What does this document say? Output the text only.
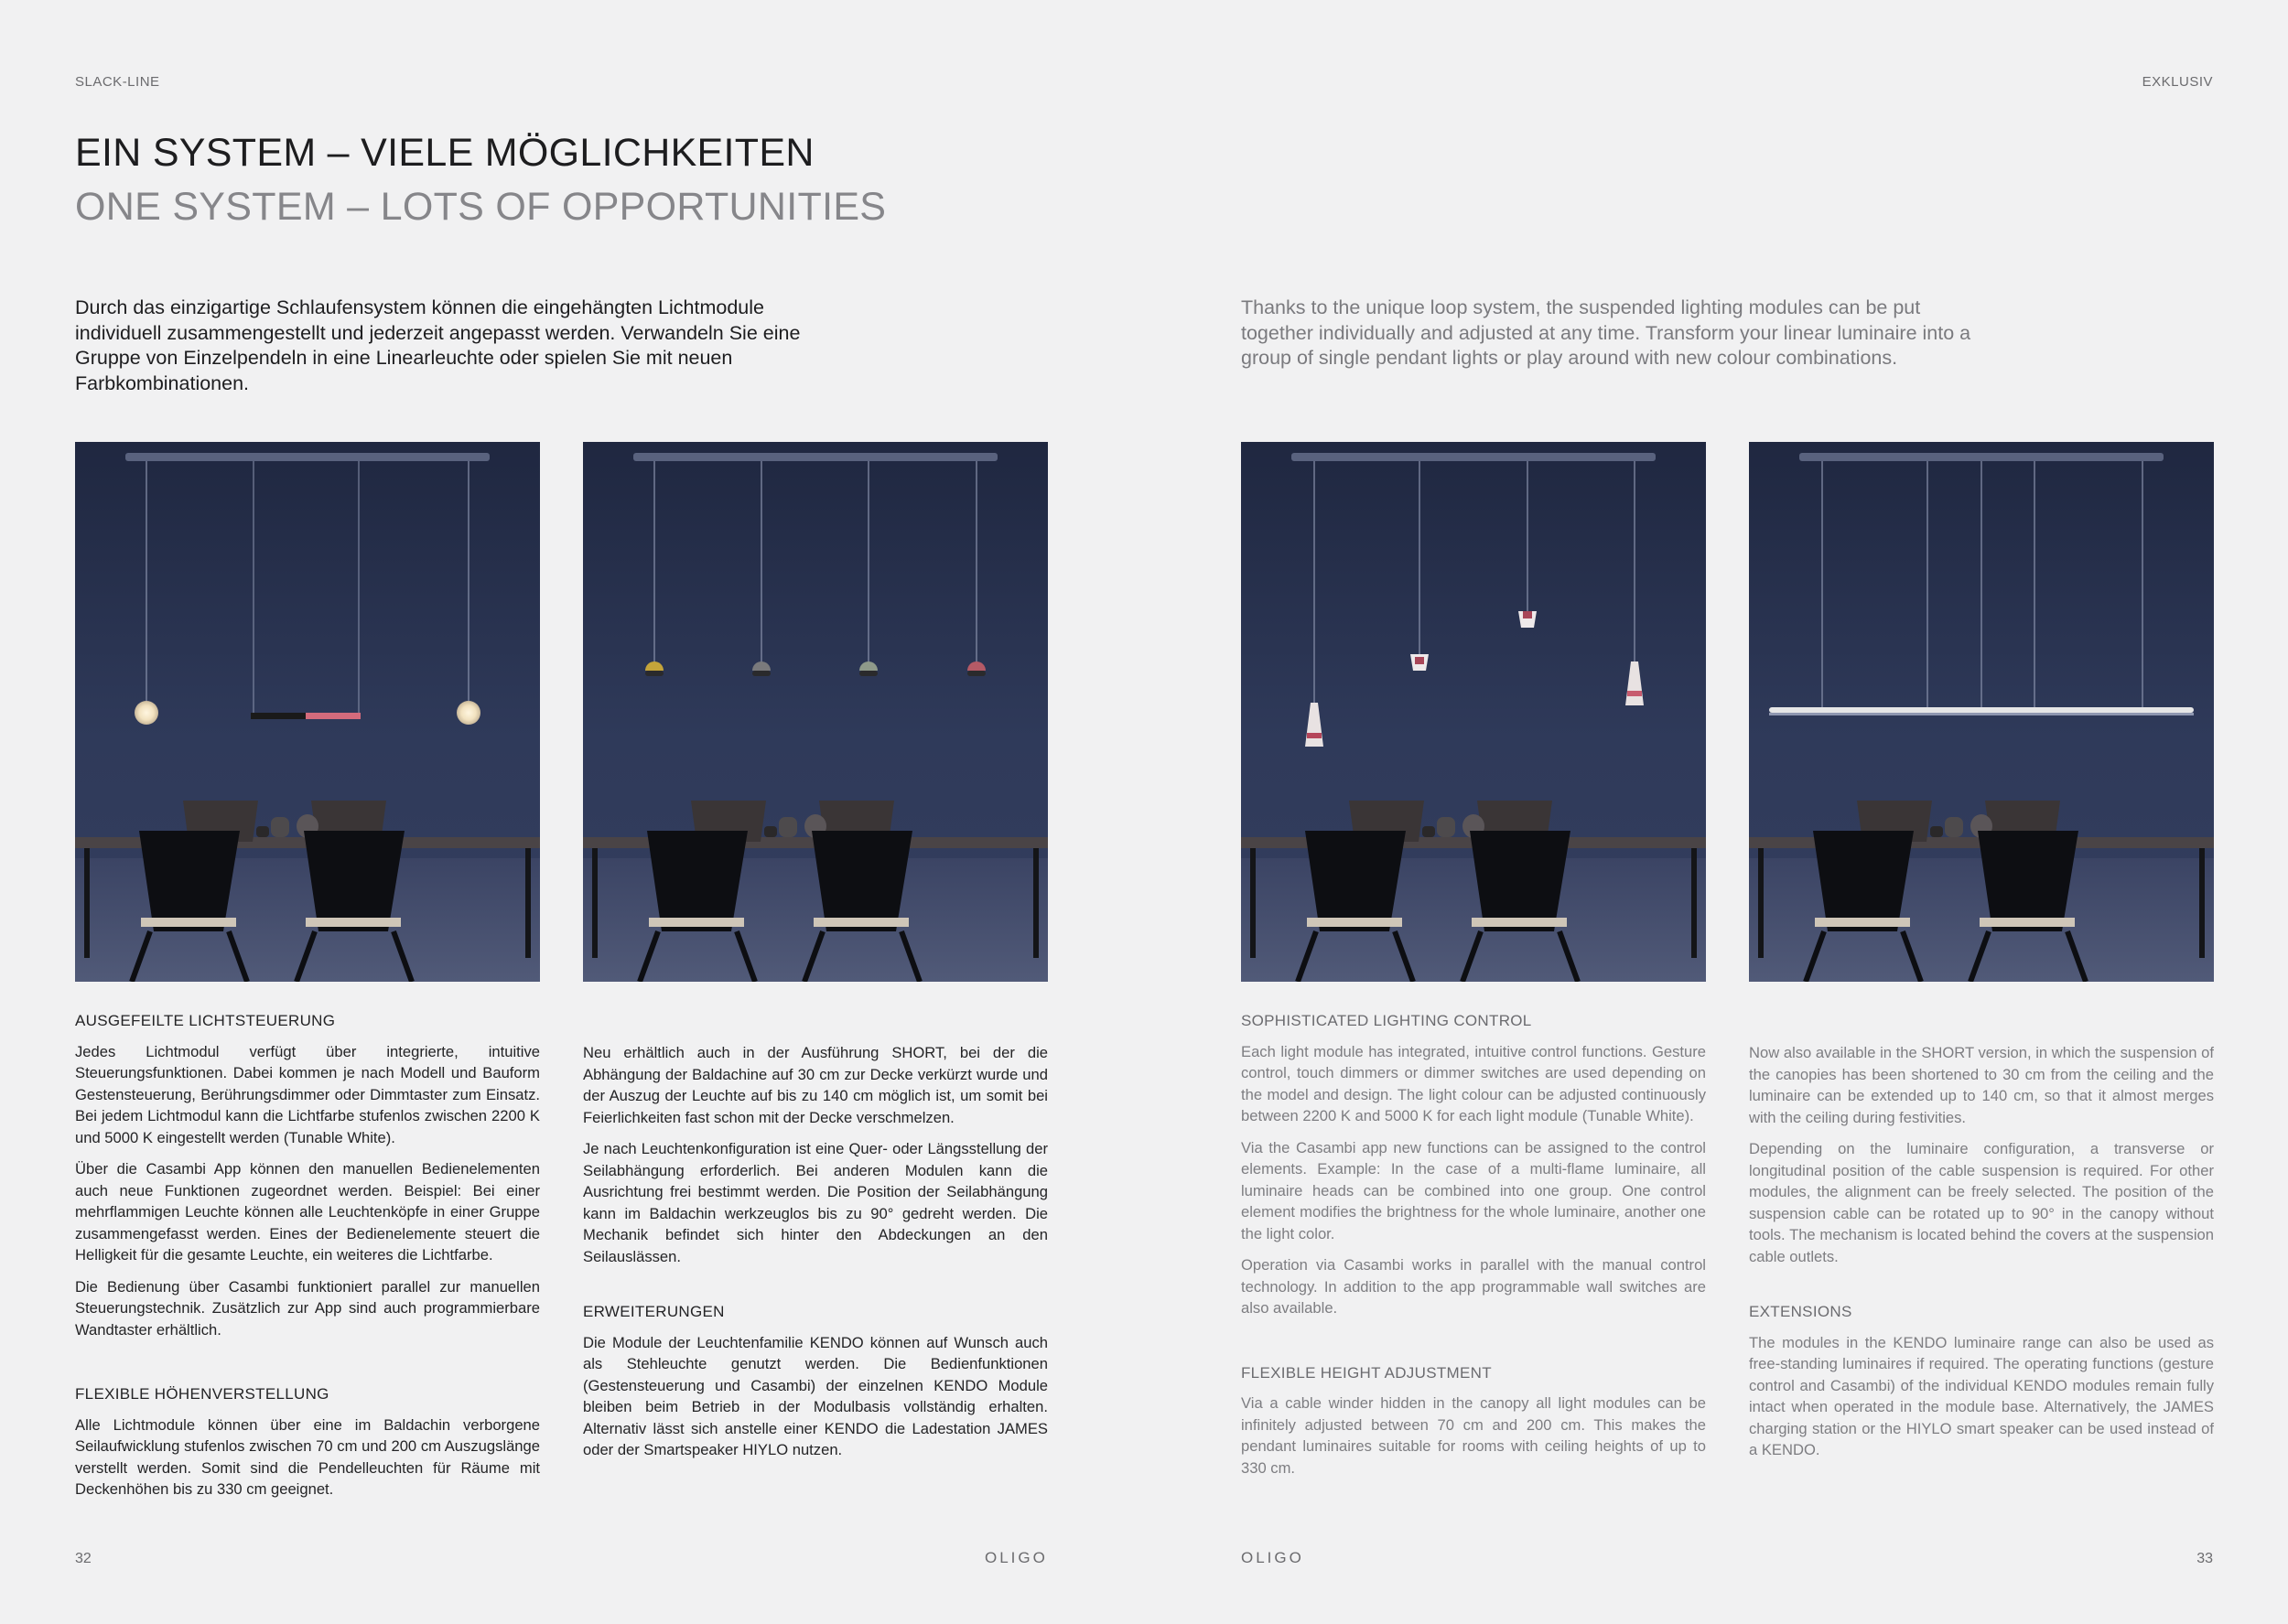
SLACK-LINE	EXKLUSIV
EIN SYSTEM – VIELE MÖGLICHKEITEN
ONE SYSTEM – LOTS OF OPPORTUNITIES
Durch das einzigartige Schlaufensystem können die eingehängten Lichtmodule individuell zusammengestellt und jederzeit angepasst werden. Verwandeln Sie eine Gruppe von Einzelpendeln in eine Linearleuchte oder spielen Sie mit neuen Farbkombinationen.
Thanks to the unique loop system, the suspended lighting modules can be put together individually and adjusted at any time. Transform your linear luminaire into a group of single pendant lights or play around with new colour combinations.
AUSGEFEILTE LICHTSTEUERUNG

Jedes Lichtmodul verfügt über integrierte, intuitive Steuerungsfunktionen. Dabei kommen je nach Modell und Bauform Gestensteuerung, Berührungsdimmer oder Dimmtaster zum Einsatz. Bei jedem Lichtmodul kann die Lichtfarbe stufenlos zwischen 2200 K und 5000 K eingestellt werden (Tunable White).

Über die Casambi App können den manuellen Bedienelementen auch neue Funktionen zugeordnet werden. Beispiel: Bei einer mehrflammigen Leuchte können alle Leuchtenköpfe in einer Gruppe zusammengefasst werden. Eines der Bedienelemente steuert die Helligkeit für die gesamte Leuchte, ein weiteres die Lichtfarbe.

Die Bedienung über Casambi funktioniert parallel zur manuellen Steuerungstechnik. Zusätzlich zur App sind auch programmierbare Wandtaster erhältlich.

FLEXIBLE HÖHENVERSTELLUNG

Alle Lichtmodule können über eine im Baldachin verborgene Seilaufwicklung stufenlos zwischen 70 cm und 200 cm Auszugslänge verstellt werden. Somit sind die Pendelleuchten für Räume mit Deckenhöhen bis zu 330 cm geeignet.

Neu erhältlich auch in der Ausführung SHORT, bei der die Abhängung der Baldachine auf 30 cm zur Decke verkürzt wurde und der Auszug der Leuchte auf bis zu 140 cm möglich ist, um somit bei Feierlichkeiten fast schon mit der Decke verschmelzen.

Je nach Leuchtenkonfiguration ist eine Quer- oder Längsstellung der Seilabhängung erforderlich. Bei anderen Modulen kann die Ausrichtung frei bestimmt werden. Die Position der Seilabhängung kann im Baldachin werkzeuglos bis zu 90° gedreht werden. Die Mechanik befindet sich hinter den Abdeckungen an den Seilauslässen.

ERWEITERUNGEN

Die Module der Leuchtenfamilie KENDO können auf Wunsch auch als Stehleuchte genutzt werden. Die Bedienfunktionen (Gestensteuerung und Casambi) der einzelnen KENDO Module bleiben beim Betrieb in der Modulbasis vollständig erhalten. Alternativ lässt sich anstelle einer KENDO die Ladestation JAMES oder der Smartspeaker HIYLO nutzen.

SOPHISTICATED LIGHTING CONTROL

Each light module has integrated, intuitive control functions. Gesture control, touch dimmers or dimmer switches are used depending on the model and design. The light colour can be adjusted continuously between 2200 K and 5000 K for each light module (Tunable White).

Via the Casambi app new functions can be assigned to the control elements. Example: In the case of a multi-flame luminaire, all luminaire heads can be combined into one group. One control element modifies the brightness for the whole luminaire, another one the light color.

Operation via Casambi works in parallel with the manual control technology. In addition to the app programmable wall switches are also available.

FLEXIBLE HEIGHT ADJUSTMENT

Via a cable winder hidden in the canopy all light modules can be infinitely adjusted between 70 cm and 200 cm. This makes the pendant luminaires suitable for rooms with ceiling heights of up to 330 cm.

Now also available in the SHORT version, in which the suspension of the canopies has been shortened to 30 cm from the ceiling and the luminaire can be extended up to 140 cm, so that it almost merges with the ceiling during festivities.

Depending on the luminaire configuration, a transverse or longitudinal position of the cable suspension is required. For other modules, the alignment can be freely selected. The position of the suspension cable can be rotated up to 90° in the canopy without tools. The mechanism is located behind the covers at the suspension cable outlets.

EXTENSIONS

The modules in the KENDO luminaire range can also be used as free-standing luminaires if required. The operating functions (gesture control and Casambi) of the individual KENDO modules remain fully intact when operated in the module base. Alternatively, the JAMES charging station or the HIYLO smart speaker can be used instead of a KENDO.

32	OLIGO	OLIGO	33
